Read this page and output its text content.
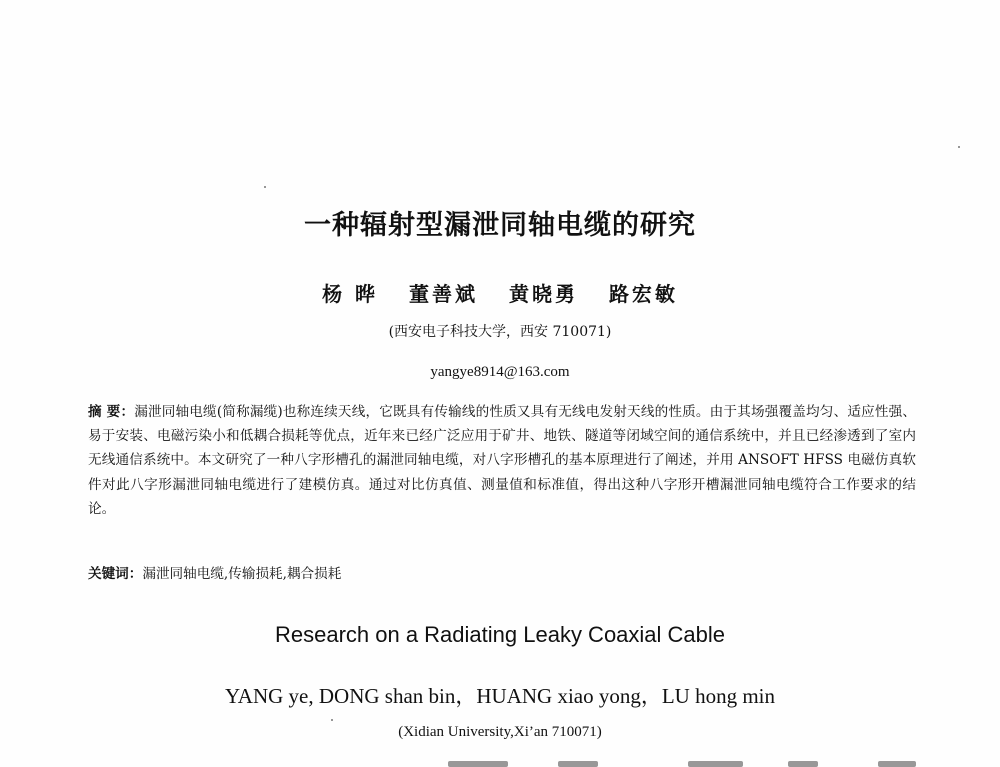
一种辐射型漏泄同轴电缆的研究
杨 晔 董善斌 黄晓勇 路宏敏
(西安电子科技大学，西安 710071)
yangye8914@163.com
摘 要：漏泄同轴电缆(简称漏缆)也称连续天线，它既具有传输线的性质又具有无线电发射天线的性质。由于其场强覆盖均匀、适应性强、易于安装、电磁污染小和低耦合损耗等优点，近年来已经广泛应用于矿井、地铁、隧道等闭域空间的通信系统中，并且已经渗透到了室内无线通信系统中。本文研究了一种八字形槽孔的漏泄同轴电缆，对八字形槽孔的基本原理进行了阐述，并用 ANSOFT HFSS 电磁仿真软件对此八字形漏泄同轴电缆进行了建模仿真。通过对比仿真值、测量值和标准值，得出这种八字形开槽漏泄同轴电缆符合工作要求的结论。
关键词：漏泄同轴电缆,传输损耗,耦合损耗
Research on a Radiating Leaky Coaxial Cable
YANG ye, DONG shan bin，HUANG xiao yong，LU hong min
(Xidian University,Xi’an 710071)
